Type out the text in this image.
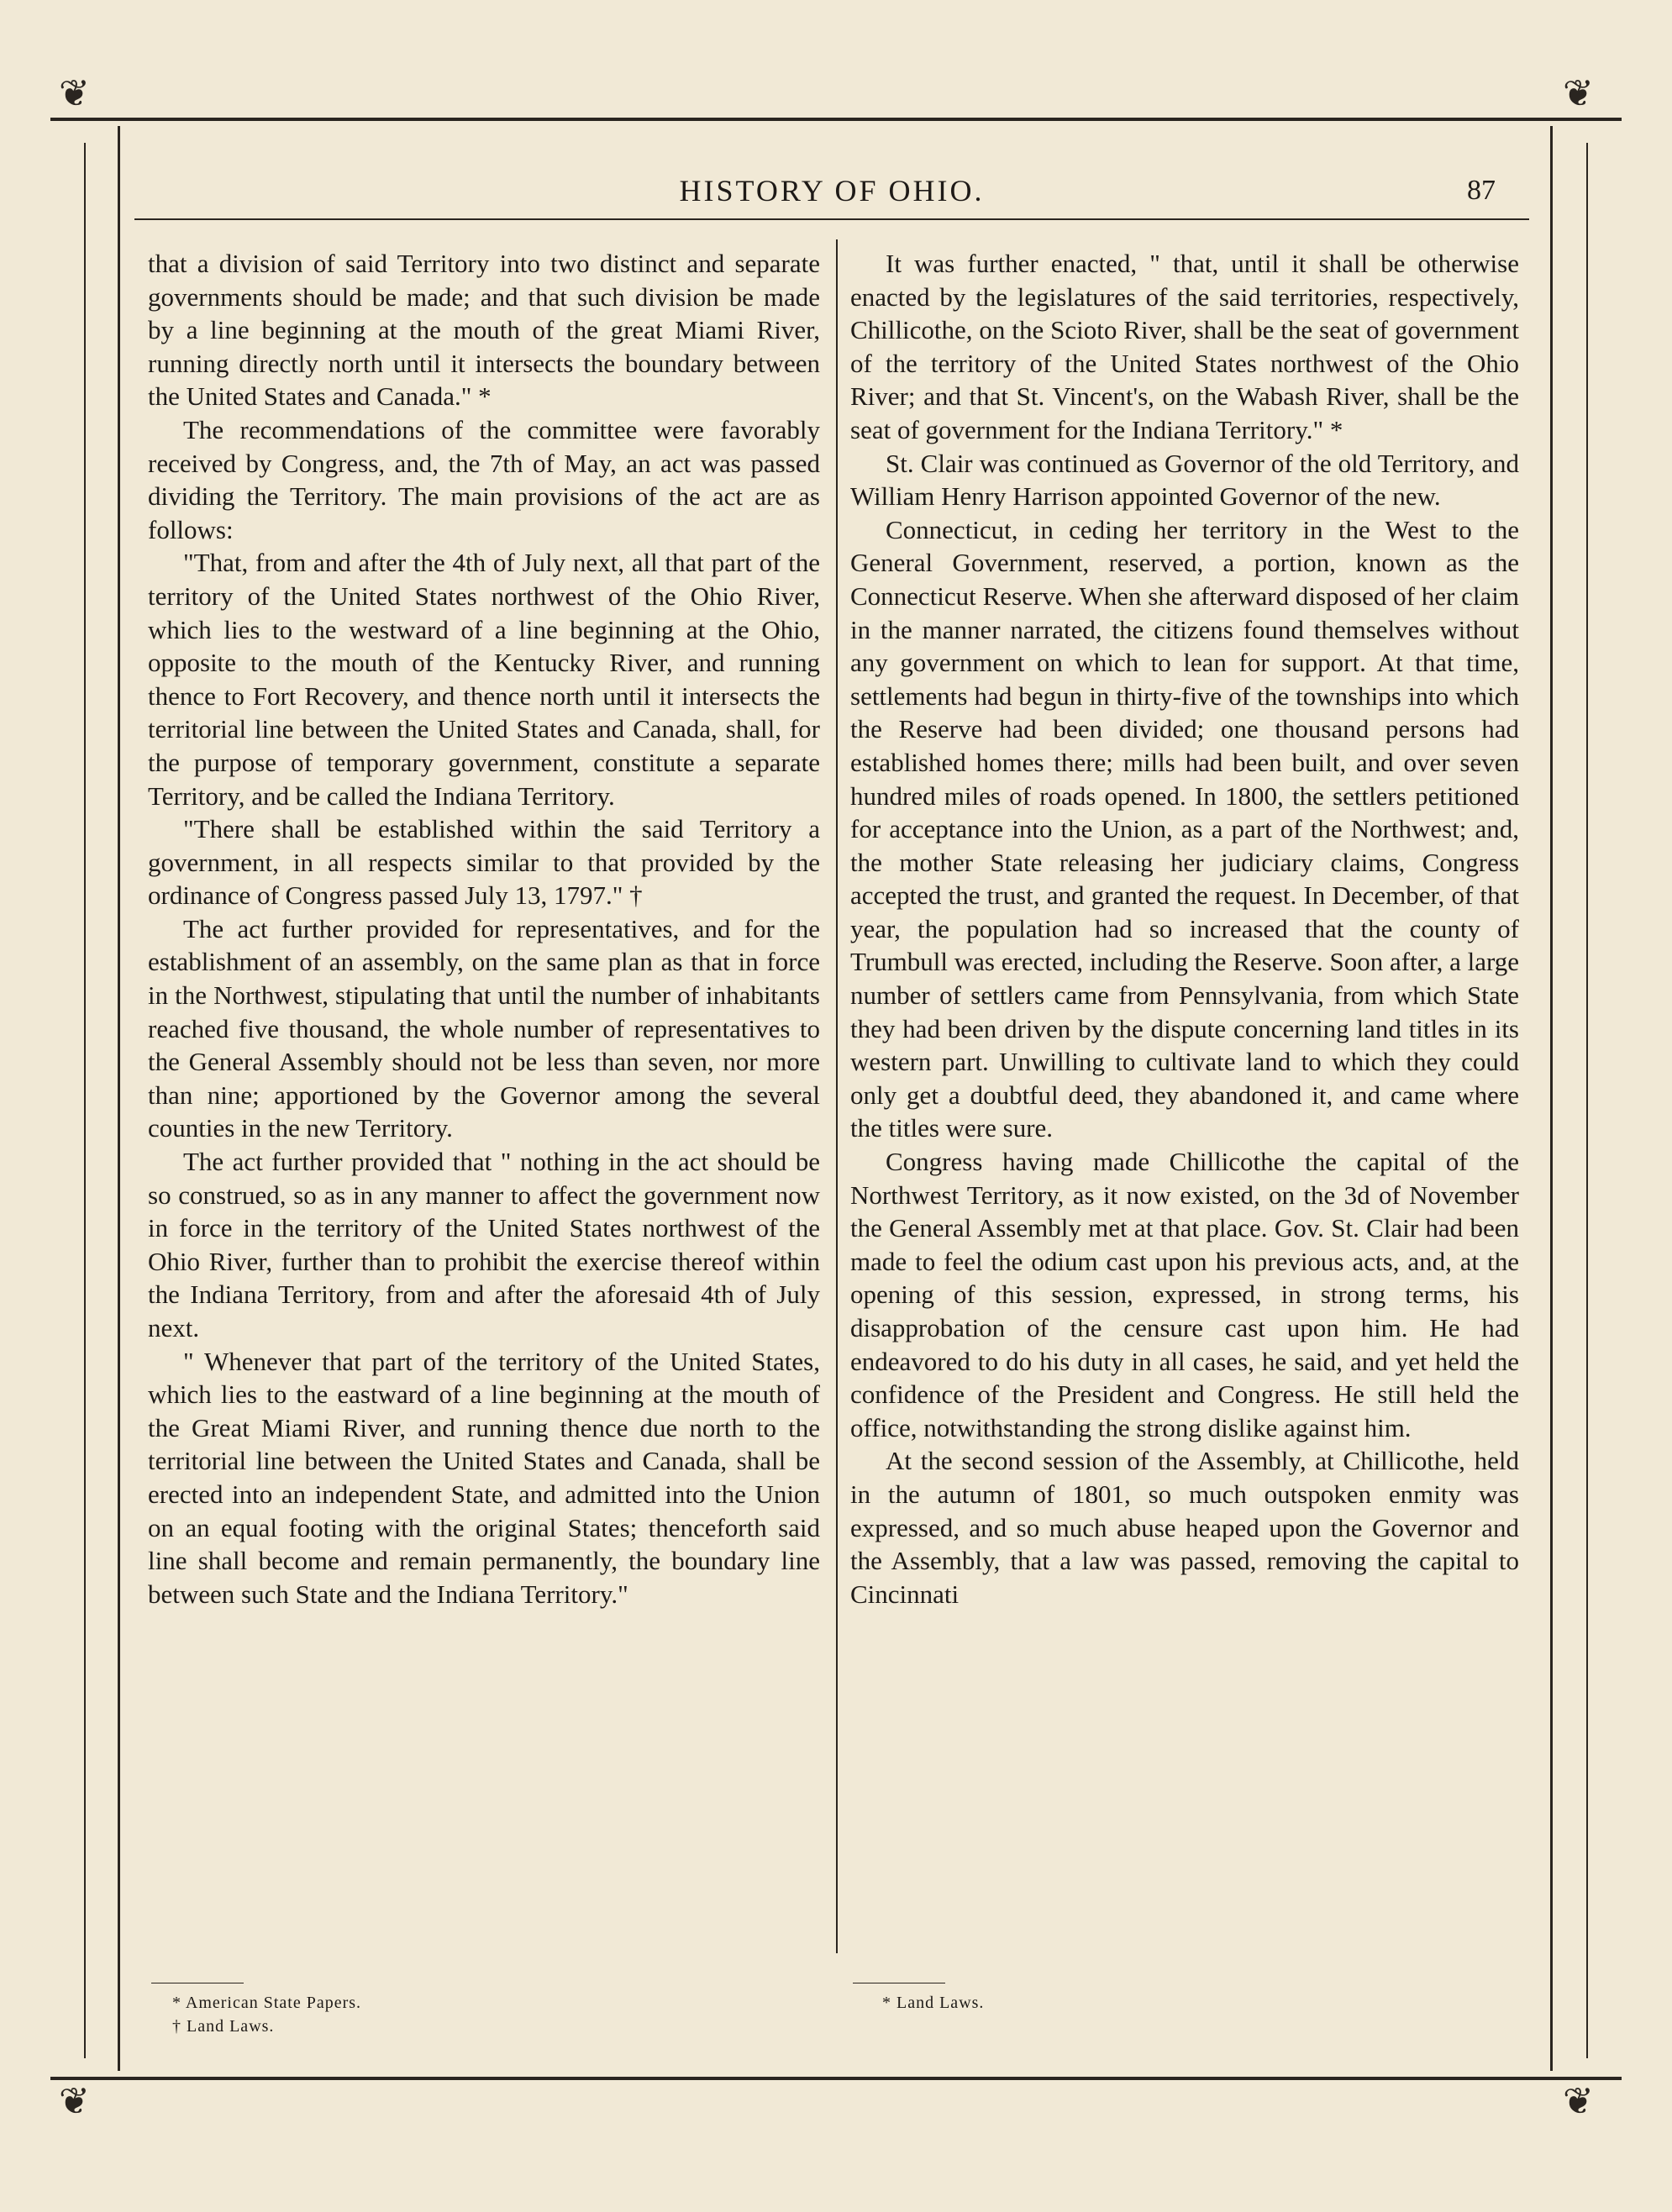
❦	❦
❦	❦
HISTORY OF OHIO.	87

that a division of said Territory into two distinct and separate governments should be made; and that such division be made by a line beginning at the mouth of the great Miami River, running directly north until it intersects the boundary between the United States and Canada." *

The recommendations of the committee were favorably received by Congress, and, the 7th of May, an act was passed dividing the Territory. The main provisions of the act are as follows:

"That, from and after the 4th of July next, all that part of the territory of the United States northwest of the Ohio River, which lies to the westward of a line beginning at the Ohio, opposite to the mouth of the Kentucky River, and running thence to Fort Recovery, and thence north until it intersects the territorial line between the United States and Canada, shall, for the purpose of temporary government, constitute a separate Territory, and be called the Indiana Territory.

"There shall be established within the said Territory a government, in all respects similar to that provided by the ordinance of Congress passed July 13, 1797." †

The act further provided for representatives, and for the establishment of an assembly, on the same plan as that in force in the Northwest, stipulating that until the number of inhabitants reached five thousand, the whole number of representatives to the General Assembly should not be less than seven, nor more than nine; apportioned by the Governor among the several counties in the new Territory.

The act further provided that " nothing in the act should be so construed, so as in any manner to affect the government now in force in the territory of the United States northwest of the Ohio River, further than to prohibit the exercise thereof within the Indiana Territory, from and after the aforesaid 4th of July next.

" Whenever that part of the territory of the United States, which lies to the eastward of a line beginning at the mouth of the Great Miami River, and running thence due north to the territorial line between the United States and Canada, shall be erected into an independent State, and admitted into the Union on an equal footing with the original States; thenceforth said line shall become and remain permanently, the boundary line between such State and the Indiana Territory."

It was further enacted, " that, until it shall be otherwise enacted by the legislatures of the said territories, respectively, Chillicothe, on the Scioto River, shall be the seat of government of the territory of the United States northwest of the Ohio River; and that St. Vincent's, on the Wabash River, shall be the seat of government for the Indiana Territory." *

St. Clair was continued as Governor of the old Territory, and William Henry Harrison appointed Governor of the new.

Connecticut, in ceding her territory in the West to the General Government, reserved, a portion, known as the Connecticut Reserve. When she afterward disposed of her claim in the manner narrated, the citizens found themselves without any government on which to lean for support. At that time, settlements had begun in thirty-five of the townships into which the Reserve had been divided; one thousand persons had established homes there; mills had been built, and over seven hundred miles of roads opened. In 1800, the settlers petitioned for acceptance into the Union, as a part of the Northwest; and, the mother State releasing her judiciary claims, Congress accepted the trust, and granted the request. In December, of that year, the population had so increased that the county of Trumbull was erected, including the Reserve. Soon after, a large number of settlers came from Pennsylvania, from which State they had been driven by the dispute concerning land titles in its western part. Unwilling to cultivate land to which they could only get a doubtful deed, they abandoned it, and came where the titles were sure.

Congress having made Chillicothe the capital of the Northwest Territory, as it now existed, on the 3d of November the General Assembly met at that place. Gov. St. Clair had been made to feel the odium cast upon his previous acts, and, at the opening of this session, expressed, in strong terms, his disapprobation of the censure cast upon him. He had endeavored to do his duty in all cases, he said, and yet held the confidence of the President and Congress. He still held the office, notwithstanding the strong dislike against him.

At the second session of the Assembly, at Chillicothe, held in the autumn of 1801, so much outspoken enmity was expressed, and so much abuse heaped upon the Governor and the Assembly, that a law was passed, removing the capital to Cincinnati

* American State Papers.
† Land Laws.
* Land Laws.
